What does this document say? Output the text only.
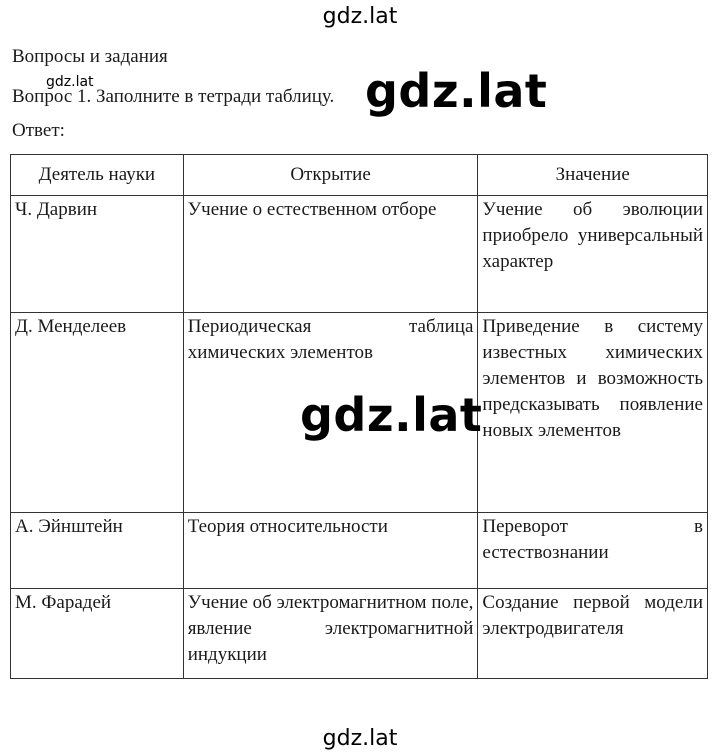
gdz.lat
Вопросы и задания
Вопрос 1. Заполните в тетради таблицу.
Ответ:
gdz.lat
Деятель науки	Открытие	Значение
Ч. Дарвин	Учение о естественном отборе	Учение об эволюции приобрело универсальный характер
Д. Менделеев	Периодическая таблица химических элементов	Приведение в систему известных химических элементов и возможность предсказывать появление новых элементов
А. Эйнштейн	Теория относительности	Переворот в естествознании
М. Фарадей	Учение об электромагнитном поле, явление электромагнитной индукции	Создание первой модели электродвигателя
gdz.lat
gdz.lat
gdz.lat
